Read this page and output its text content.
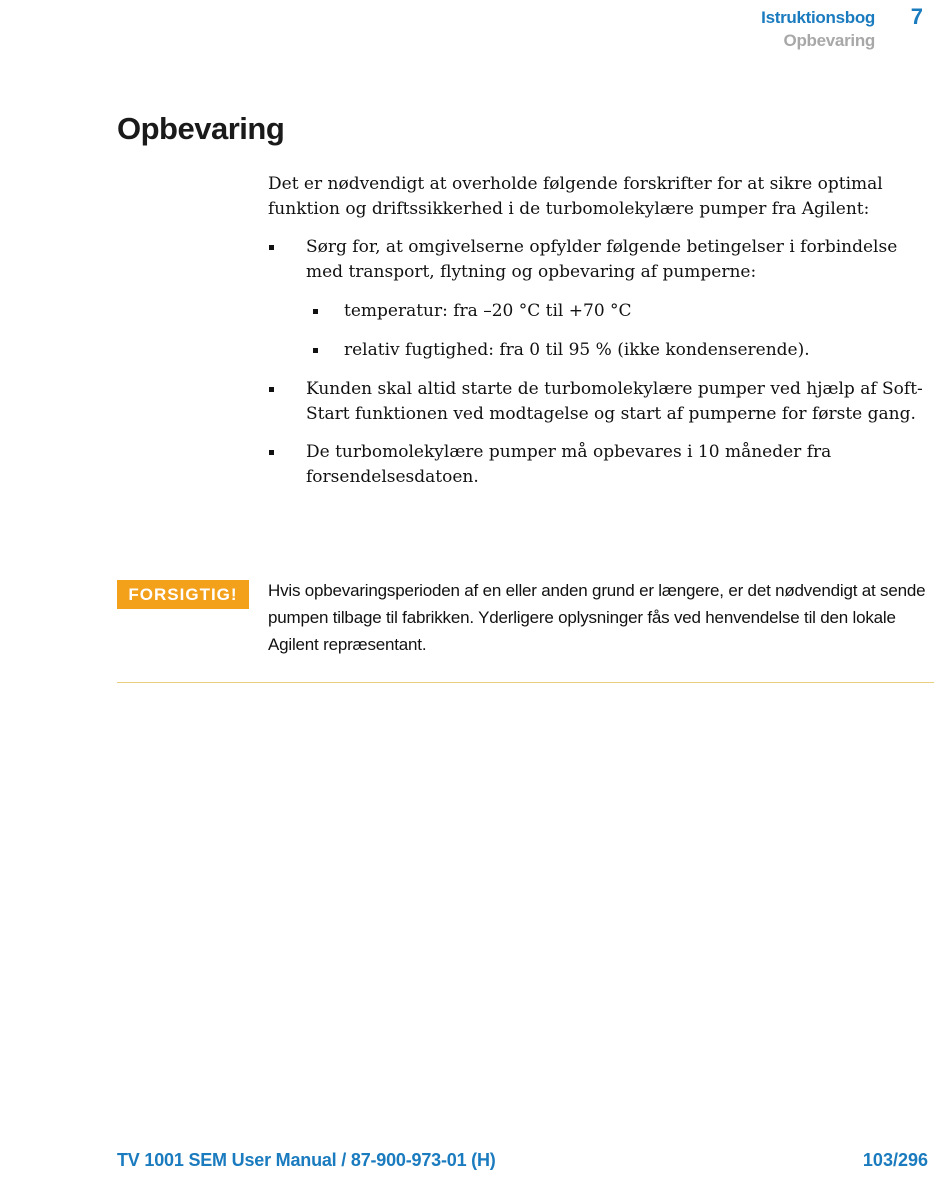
Istruktionsbog 7
Opbevaring
Opbevaring

Det er nødvendigt at overholde følgende forskrifter for at sikre optimal funktion og driftssikkerhed i de turbomolekylære pumper fra Agilent:

Sørg for, at omgivelserne opfylder følgende betingelser i forbindelse med transport, flytning og opbevaring af pumperne:
temperatur: fra –20 °C til +70 °C
relativ fugtighed: fra 0 til 95 % (ikke kondenserende).
Kunden skal altid starte de turbomolekylære pumper ved hjælp af Soft-Start funktionen ved modtagelse og start af pumperne for første gang.
De turbomolekylære pumper må opbevares i 10 måneder fra forsendelsesdatoen.
FORSIGTIG!	Hvis opbevaringsperioden af en eller anden grund er længere, er det nødvendigt at sende pumpen tilbage til fabrikken. Yderligere oplysninger fås ved henvendelse til den lokale Agilent repræsentant.

TV 1001 SEM User Manual / 87-900-973-01 (H)	103/296
